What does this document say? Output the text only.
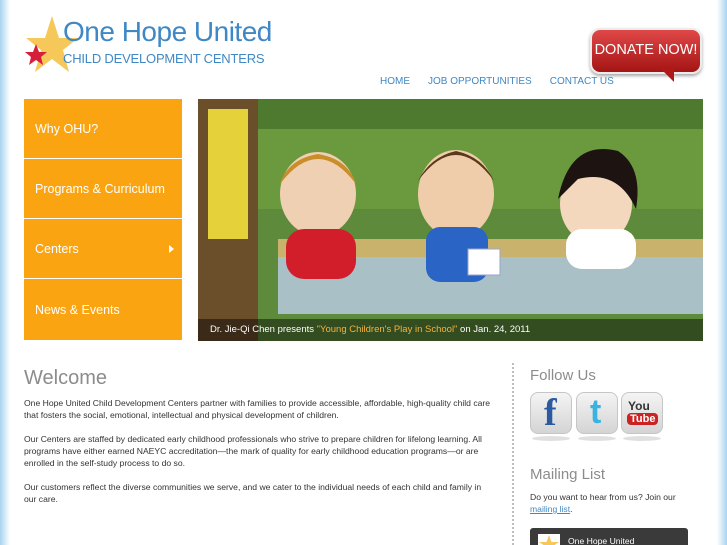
One Hope United
CHILD DEVELOPMENT CENTERS
DONATE NOW!
HOME JOB OPPORTUNITIES CONTACT US
Why OHU?
Programs & Curriculum
Centers
News & Events
Dr. Jie-Qi Chen presents "Young Children's Play in School" on Jan. 24, 2011
Welcome

One Hope United Child Development Centers partner with families to provide accessible, affordable, high-quality child care that fosters the social, emotional, intellectual and physical development of children.

Our Centers are staffed by dedicated early childhood professionals who strive to prepare children for lifelong learning. All programs have either earned NAEYC accreditation—the mark of quality for early childhood education programs—or are enrolled in the self-study process to do so.

Our customers reflect the diverse communities we serve, and we cater to the individual needs of each child and family in our care.

Follow Us
f t You
Tube
Mailing List
Do you want to hear from us? Join our mailing list.
One Hope United
